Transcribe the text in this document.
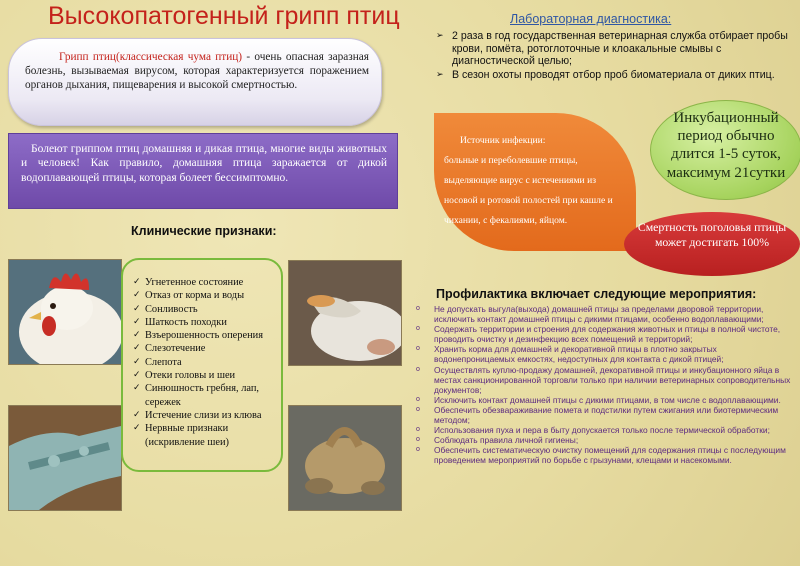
Высокопатогенный грипп птиц

Грипп птиц(классическая чума птиц) - очень опасная заразная болезнь, вызываемая вирусом, которая характеризуется поражением органов дыхания, пищеварения и высокой смертностью.

Болеют гриппом птиц домашняя и дикая птица, многие виды животных и человек! Как правило, домашняя птица заражается от дикой водоплавающей птицы, которая болеет бессимптомно.

Клинические признаки:
✓ Угнетенное состояние
✓ Отказ от корма и воды
✓ Сонливость
✓ Шаткость походки
✓ Взъерошенность оперения
✓ Слезотечение
✓ Слепота
✓ Отеки головы и шеи
✓ Синюшность гребня, лап, сережек
✓ Истечение слизи из клюва
✓ Нервные признаки (искривление шеи)
Лабораторная диагностика:
➢ 2 раза в год государственная ветеринарная служба отбирает пробы крови, помёта, ротоглоточные и клоакальные смывы с диагностической целью;
➢ В сезон охоты проводят отбор проб биоматериала от диких птиц.

Источник инфекции:
больные и переболевшие птицы, выделяющие вирус с истечениями из носовой и ротовой полостей при кашле и чихании, с фекалиями, яйцом.

Инкубационный период обычно длится 1-5 суток, максимум 21сутки

Смертность поголовья птицы может достигать 100%

Профилактика включает следующие мероприятия:
o Не допускать выгула(выхода) домашней птицы за пределами дворовой территории, исключить контакт домашней птицы с дикими птицами, особенно водоплавающими;
o Содержать территории и строения для содержания животных и птицы в полной чистоте, проводить очистку и дезинфекцию всех помещений и территорий;
o Хранить корма для домашней и декоративной птицы в плотно закрытых водонепроницаемых емкостях, недоступных для контакта с дикой птицей;
o Осуществлять куплю-продажу домашней, декоративной птицы и инкубационного яйца в местах санкционированной торговли только при наличии ветеринарных сопроводительных документов;
o Исключить контакт домашней птицы с дикими птицами, в том числе с водоплавающими.
o Обеспечить обезвараживание помета и подстилки путем сжигания или биотермическим методом;
o Использования пуха и пера в быту допускается только после термической обработки;
o Соблюдать правила личной гигиены;
o Обеспечить систематическую очистку помещений для содержания птицы с последующим проведением мероприятий по борьбе с грызунами, клещами и насекомыми.
